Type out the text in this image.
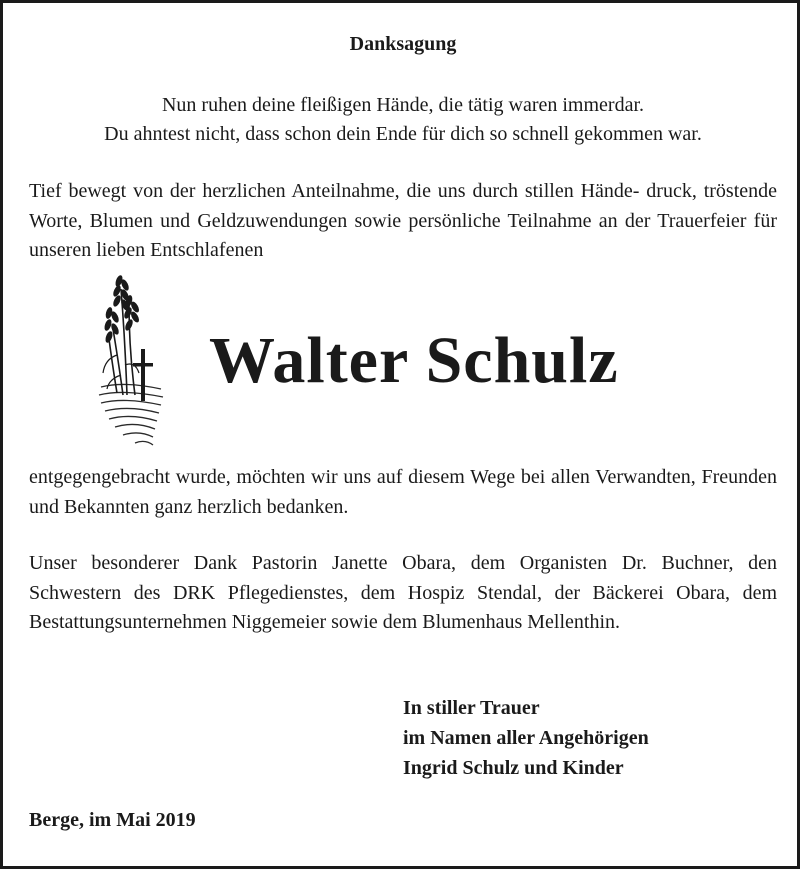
Danksagung
Nun ruhen deine fleißigen Hände, die tätig waren immerdar.
Du ahntest nicht, dass schon dein Ende für dich so schnell gekommen war.
Tief bewegt von der herzlichen Anteilnahme, die uns durch stillen Hände- druck, tröstende Worte, Blumen und Geldzuwendungen sowie persönliche Teilnahme an der Trauerfeier für unseren lieben Entschlafenen
Walter Schulz
entgegengebracht wurde, möchten wir uns auf diesem Wege bei allen Verwandten, Freunden und Bekannten ganz herzlich bedanken.
Unser besonderer Dank Pastorin Janette Obara, dem Organisten Dr. Buchner, den Schwestern des DRK Pflegedienstes, dem Hospiz Stendal, der Bäckerei Obara, dem Bestattungsunternehmen Niggemeier sowie dem Blumenhaus Mellenthin.
In stiller Trauer
im Namen aller Angehörigen
Ingrid Schulz und Kinder
Berge, im Mai 2019
